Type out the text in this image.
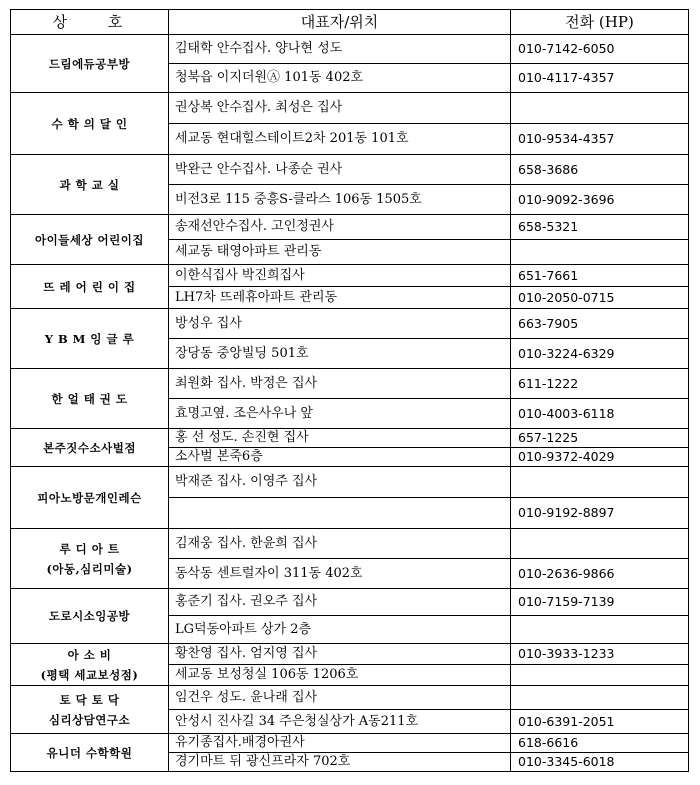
상 호	대표자/위치	전화 (HP)
드림에듀공부방	김태학 안수집사. 양나현 성도	010-7142-6050
	청북읍 이지더원Ⓐ 101동 402호	010-4117-4357
수 학 의 달 인	권상복 안수집사. 최성은 집사	
	세교동 현대힐스테이트2차 201동 101호	010-9534-4357
과 학 교 실	박완근 안수집사. 나종순 권사	658-3686
	비전3로 115 중흥S-클라스 106동 1505호	010-9092-3696
아이들세상 어린이집	송재선안수집사. 고인정권사	658-5321
	세교동 태영아파트 관리동	
뜨 레 어 린 이 집	이한식집사 박진희집사	651-7661
	LH7차 뜨레휴아파트 관리동	010-2050-0715
Y B M 잉 글 루	방성우 집사	663-7905
	장당동 중앙빌딩 501호	010-3224-6329
한 얼 태 권 도	최원화 집사. 박정은 집사	611-1222
	효명고옆. 조은사우나 앞	010-4003-6118
본주짓수소사벌점	홍 선 성도. 손진현 집사	657-1225
	소사벌 본죽6층	010-9372-4029
피아노방문개인레슨	박재준 집사. 이영주 집사	
		010-9192-8897
루 디 아 트
(아동,심리미술)	김재웅 집사. 한윤희 집사	
	동삭동 센트럴자이 311동 402호	010-2636-9866
도로시소잉공방	홍준기 집사. 권오주 집사	010-7159-7139
	LG덕동아파트 상가 2층	
아 소 비
(평택 세교보성점)	황찬영 집사. 엄지영 집사	010-3933-1233
	세교동 보성청실 106동 1206호	
토 닥 토 닥
심리상담연구소	임건우 성도. 윤나래 집사	
	안성시 진사길 34 주은청실상가 A동211호	010-6391-2051
유니더 수학학원	유기종집사.배경아권사	618-6616
	경기마트 뒤 광신프라자 702호	010-3345-6018
